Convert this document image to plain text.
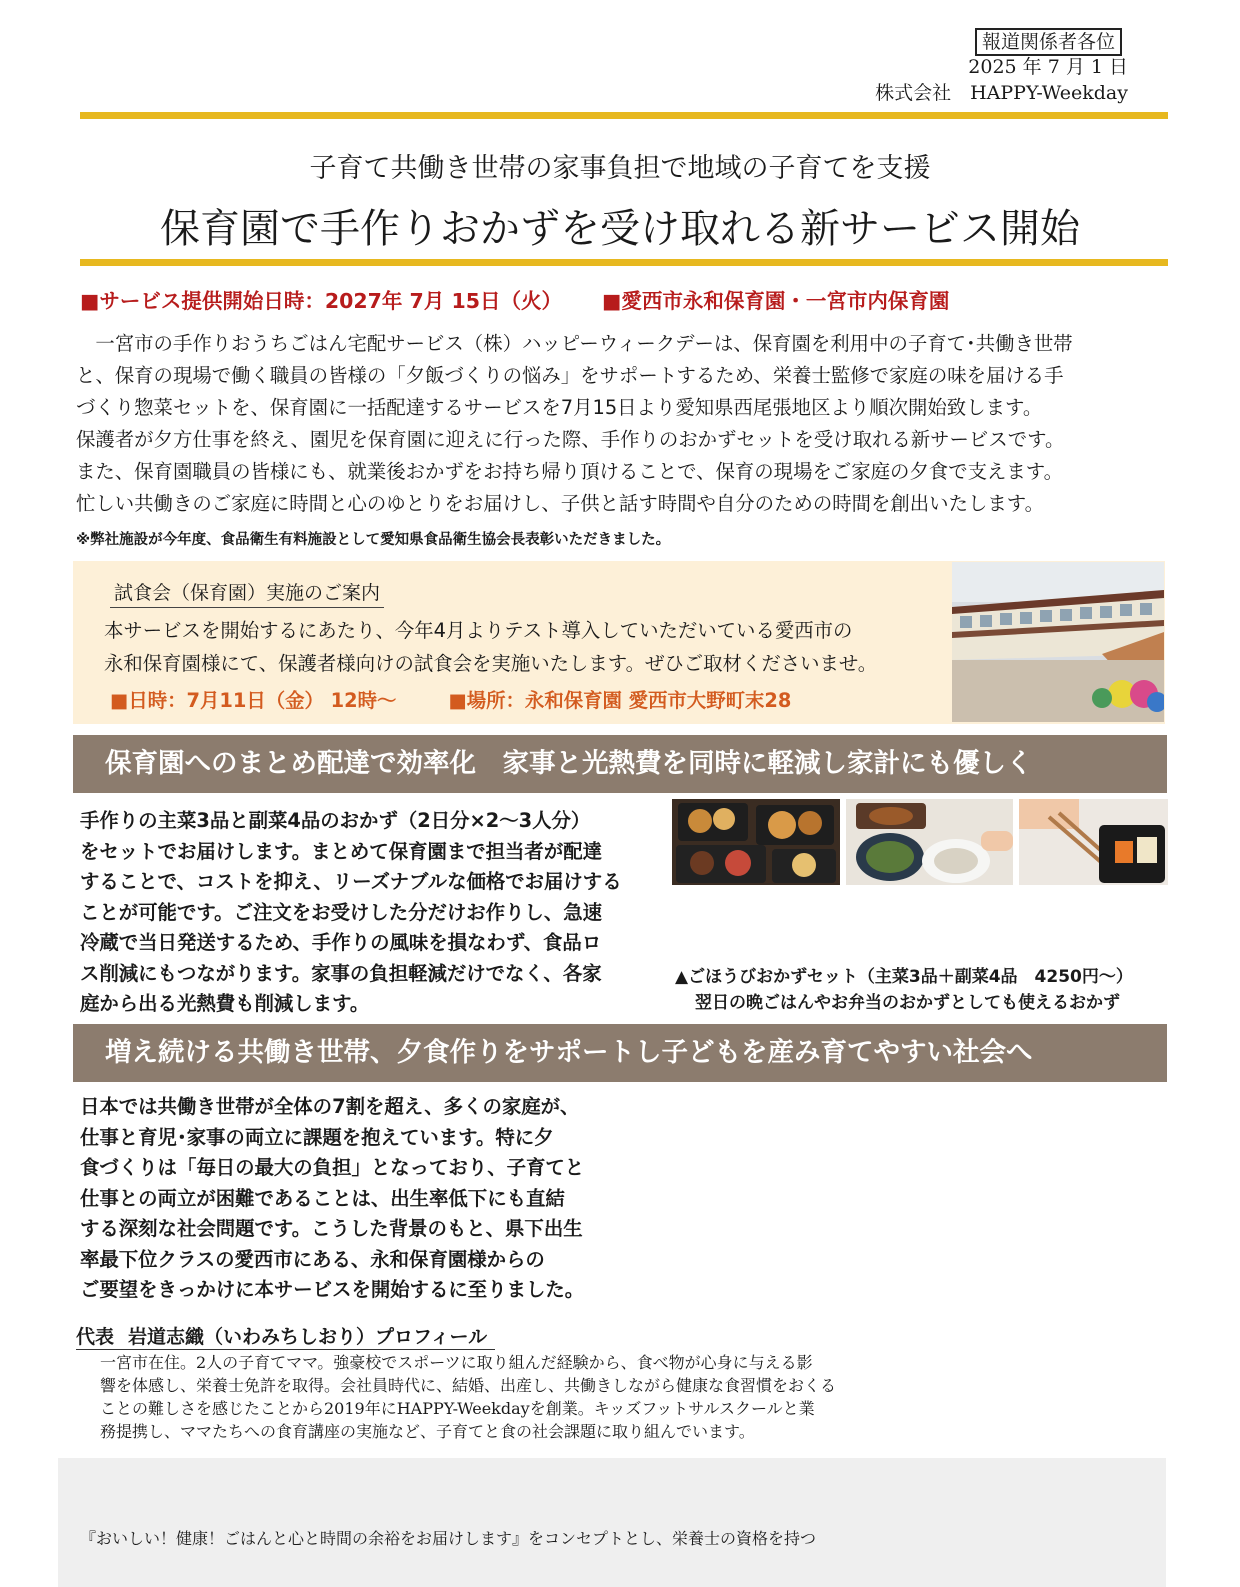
報道関係者各位
2025 年 7 月 1 日
株式会社　HAPPY-Weekday
子育て共働き世帯の家事負担で地域の子育てを支援
保育園で手作りおかずを受け取れる新サービス開始
■サービス提供開始日時：2027年 7月 15日（火） ■愛西市永和保育園・一宮市内保育園
　一宮市の手作りおうちごはん宅配サービス（株）ハッピーウィークデーは、保育園を利用中の子育て･共働き世帯
と、保育の現場で働く職員の皆様の「夕飯づくりの悩み」をサポートするため、栄養士監修で家庭の味を届ける手
づくり惣菜セットを、保育園に一括配達するサービスを7月15日より愛知県西尾張地区より順次開始致します。
保護者が夕方仕事を終え、園児を保育園に迎えに行った際、手作りのおかずセットを受け取れる新サービスです。
また、保育園職員の皆様にも、就業後おかずをお持ち帰り頂けることで、保育の現場をご家庭の夕食で支えます。
忙しい共働きのご家庭に時間と心のゆとりをお届けし、子供と話す時間や自分のための時間を創出いたします。
※弊社施設が今年度、食品衛生有料施設として愛知県食品衛生協会長表彰いただきました。
試食会（保育園）実施のご案内
本サービスを開始するにあたり、今年4月よりテスト導入していただいている愛西市の
永和保育園様にて、保護者様向けの試食会を実施いたします。ぜひご取材くださいませ。
■日時：7月11日（金） 12時～	■場所：永和保育園 愛西市大野町末28
保育園へのまとめ配達で効率化　家事と光熱費を同時に軽減し家計にも優しく
手作りの主菜3品と副菜4品のおかず（2日分×2～3人分）
をセットでお届けします。まとめて保育園まで担当者が配達
することで、コストを抑え、リーズナブルな価格でお届けする
ことが可能です。ご注文をお受けした分だけお作りし、急速
冷蔵で当日発送するため、手作りの風味を損なわず、食品ロ
ス削減にもつながります。家事の負担軽減だけでなく、各家
庭から出る光熱費も削減します。
▲ごほうびおかずセット（主菜3品＋副菜4品　4250円～）
翌日の晩ごはんやお弁当のおかずとしても使えるおかず
増え続ける共働き世帯、夕食作りをサポートし子どもを産み育てやすい社会へ
日本では共働き世帯が全体の7割を超え、多くの家庭が、
仕事と育児･家事の両立に課題を抱えています。特に夕
食づくりは「毎日の最大の負担」となっており、子育てと
仕事との両立が困難であることは、出生率低下にも直結
する深刻な社会問題です。こうした背景のもと、県下出生
率最下位クラスの愛西市にある、永和保育園様からの
ご要望をきっかけに本サービスを開始するに至りました。
代表 岩道志織（いわみちしおり）プロフィール
一宮市在住。2人の子育てママ。強豪校でスポーツに取り組んだ経験から、食べ物が心身に与える影
響を体感し、栄養士免許を取得。会社員時代に、結婚、出産し、共働きしながら健康な食習慣をおくる
ことの難しさを感じたことから2019年にHAPPY-Weekdayを創業。キッズフットサルスクールと業
務提携し、ママたちへの食育講座の実施など、子育てと食の社会課題に取り組んでいます。
『おいしい！健康！ごはんと心と時間の余裕をお届けします』をコンセプトとし、栄養士の資格を持つ
